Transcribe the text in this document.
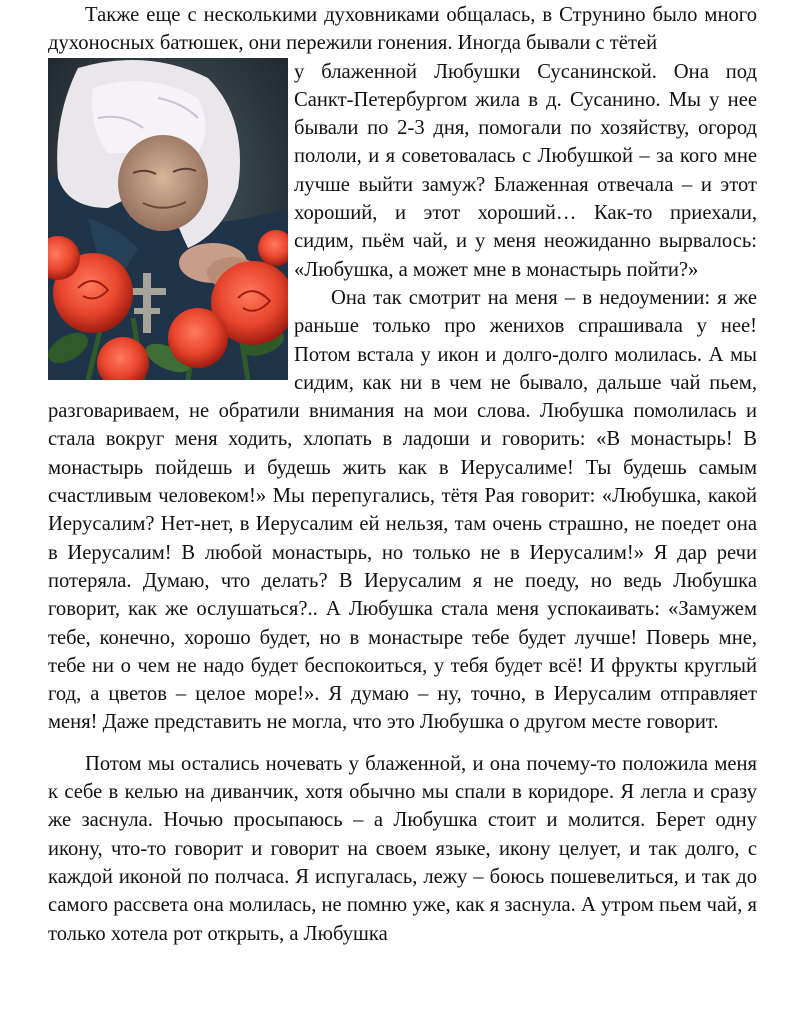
Также еще с несколькими духовниками общалась, в Струнино было много духоносных батюшек, они пережили гонения. Иногда бывали с тётей

у блаженной Любушки Сусанинской. Она под Санкт-Петербургом жила в д. Сусанино. Мы у нее бывали по 2-3 дня, помогали по хозяйству, огород пололи, и я советовалась с Любушкой – за кого мне лучше выйти замуж? Блаженная отвечала – и этот хороший, и этот хороший… Как-то приехали, сидим, пьём чай, и у меня неожиданно вырвалось: «Любушка, а может мне в монастырь пойти?»

Она так смотрит на меня – в недоумении: я же раньше только про женихов спрашивала у нее! Потом встала у икон и долго-долго молилась. А мы сидим, как ни в чем не бывало, дальше чай пьем, разговариваем, не обратили внимания на мои слова. Любушка помолилась и стала вокруг меня ходить, хлопать в ладоши и говорить: «В монастырь! В монастырь пойдешь и будешь жить как в Иерусалиме! Ты будешь самым счастливым человеком!» Мы перепугались, тётя Рая говорит: «Любушка, какой Иерусалим? Нет-нет, в Иерусалим ей нельзя, там очень страшно, не поедет она в Иерусалим! В любой монастырь, но только не в Иерусалим!» Я дар речи потеряла. Думаю, что делать? В Иерусалим я не поеду, но ведь Любушка говорит, как же ослушаться?.. А Любушка стала меня успокаивать: «Замужем тебе, конечно, хорошо будет, но в монастыре тебе будет лучше! Поверь мне, тебе ни о чем не надо будет беспокоиться, у тебя будет всё! И фрукты круглый год, а цветов – целое море!». Я думаю – ну, точно, в Иерусалим отправляет меня! Даже представить не могла, что это Любушка о другом месте говорит.

Потом мы остались ночевать у блаженной, и она почему-то положила меня к себе в келью на диванчик, хотя обычно мы спали в коридоре. Я легла и сразу же заснула. Ночью просыпаюсь – а Любушка стоит и молится. Берет одну икону, что-то говорит и говорит на своем языке, икону целует, и так долго, с каждой иконой по полчаса. Я испугалась, лежу – боюсь пошевелиться, и так до самого рассвета она молилась, не помню уже, как я заснула. А утром пьем чай, я только хотела рот открыть, а Любушка
